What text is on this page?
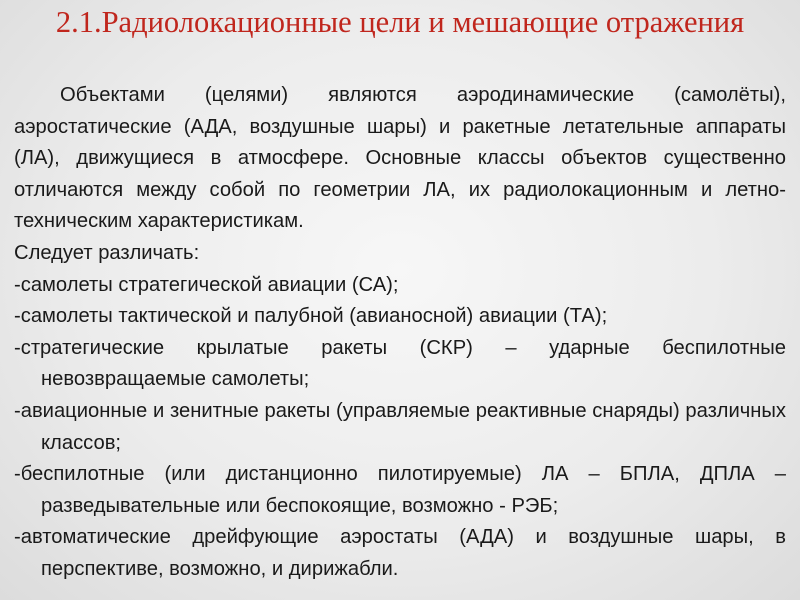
2.1.Радиолокационные цели и мешающие отражения

Объектами (целями) являются аэродинамические (самолёты), аэростатические (АДА, воздушные шары) и ракетные летательные аппараты (ЛА), движущиеся в атмосфере. Основные классы объектов существенно отличаются между собой по геометрии ЛА, их радиолокационным и летно-техническим характеристикам.

Следует различать:

-самолеты стратегической авиации (СА);
-самолеты тактической и палубной (авианосной) авиации (ТА);
-стратегические крылатые ракеты (СКР) – ударные беспилотные невозвращаемые самолеты;
-авиационные и зенитные ракеты (управляемые реактивные снаряды) различных классов;
-беспилотные (или дистанционно пилотируемые) ЛА – БПЛА, ДПЛА – разведывательные или беспокоящие, возможно - РЭБ;
-автоматические дрейфующие аэростаты (АДА) и воздушные шары, в перспективе, возможно, и дирижабли.
